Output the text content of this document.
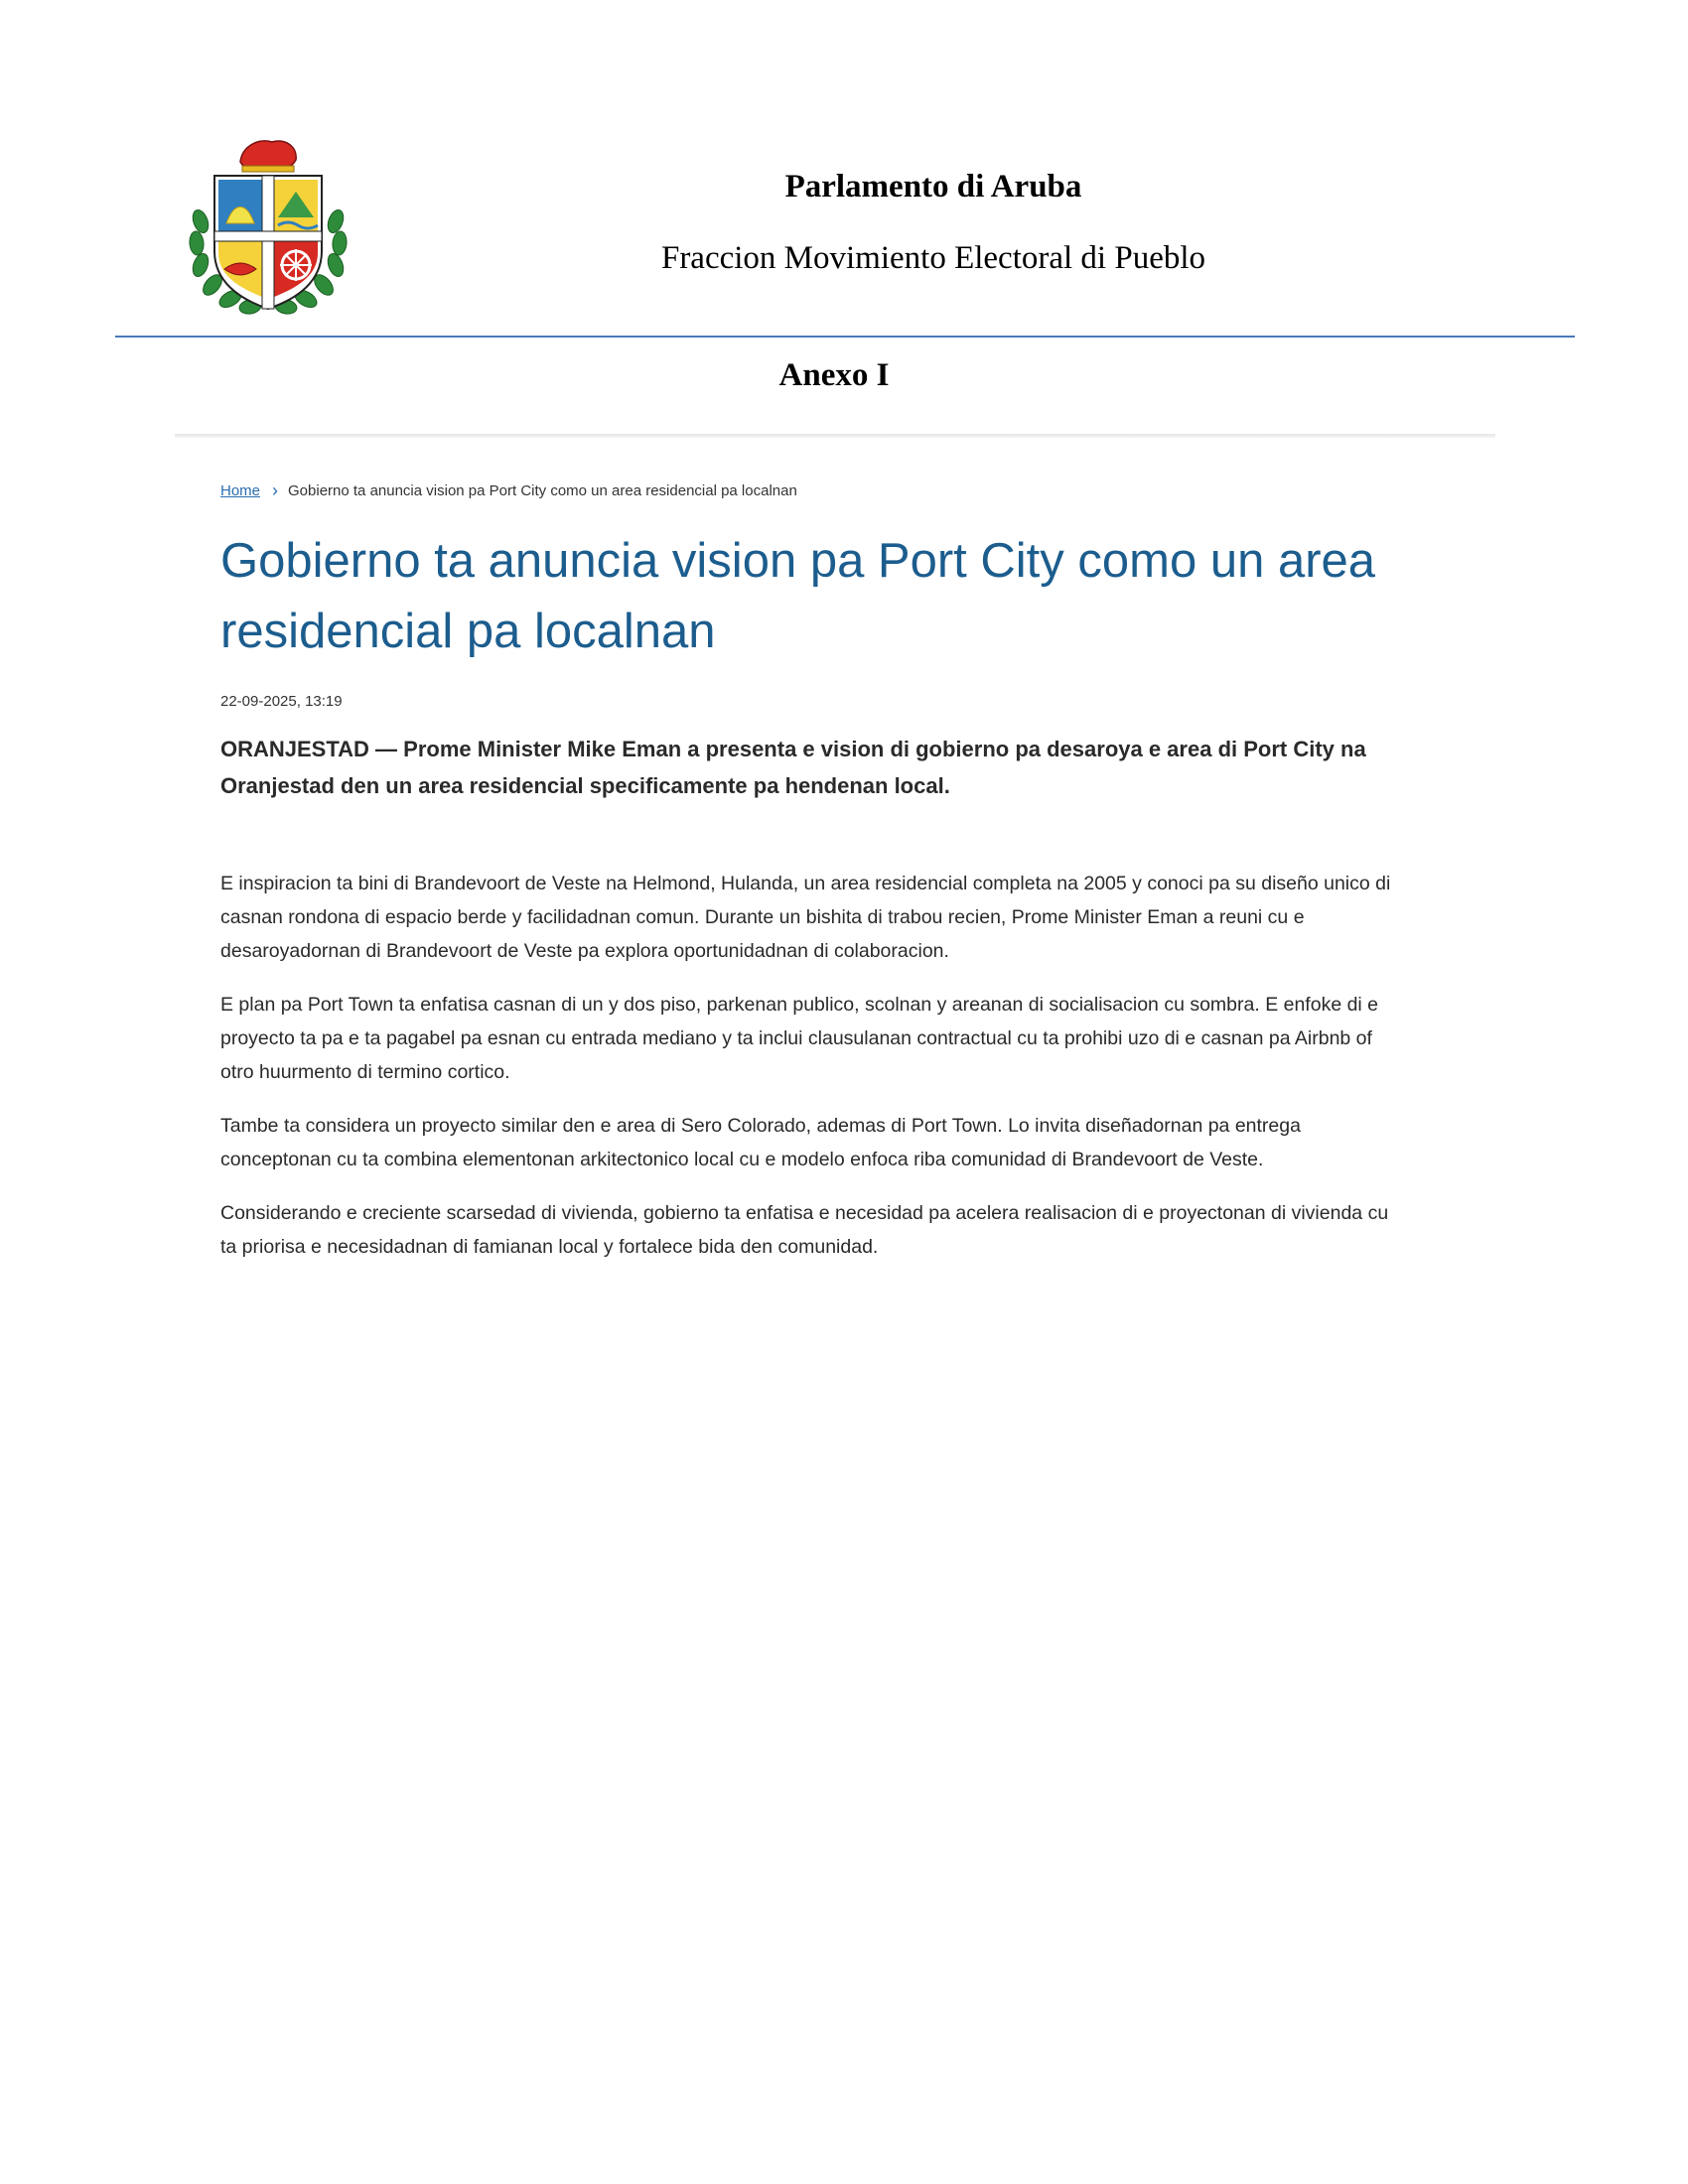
Parlamento di Aruba
Fraccion Movimiento Electoral di Pueblo
Anexo I
Home › Gobierno ta anuncia vision pa Port City como un area residencial pa localnan
Gobierno ta anuncia vision pa Port City como un area residencial pa localnan
22-09-2025, 13:19

ORANJESTAD — Prome Minister Mike Eman a presenta e vision di gobierno pa desaroya e area di Port City na Oranjestad den un area residencial specificamente pa hendenan local.

E inspiracion ta bini di Brandevoort de Veste na Helmond, Hulanda, un area residencial completa na 2005 y conoci pa su diseño unico di casnan rondona di espacio berde y facilidadnan comun. Durante un bishita di trabou recien, Prome Minister Eman a reuni cu e desaroyadornan di Brandevoort de Veste pa explora oportunidadnan di colaboracion.

E plan pa Port Town ta enfatisa casnan di un y dos piso, parkenan publico, scolnan y areanan di socialisacion cu sombra. E enfoke di e proyecto ta pa e ta pagabel pa esnan cu entrada mediano y ta inclui clausulanan contractual cu ta prohibi uzo di e casnan pa Airbnb of otro huurmento di termino cortico.

Tambe ta considera un proyecto similar den e area di Sero Colorado, ademas di Port Town. Lo invita diseñadornan pa entrega conceptonan cu ta combina elementonan arkitectonico local cu e modelo enfoca riba comunidad di Brandevoort de Veste.

Considerando e creciente scarsedad di vivienda, gobierno ta enfatisa e necesidad pa acelera realisacion di e proyectonan di vivienda cu ta priorisa e necesidadnan di famianan local y fortalece bida den comunidad.
